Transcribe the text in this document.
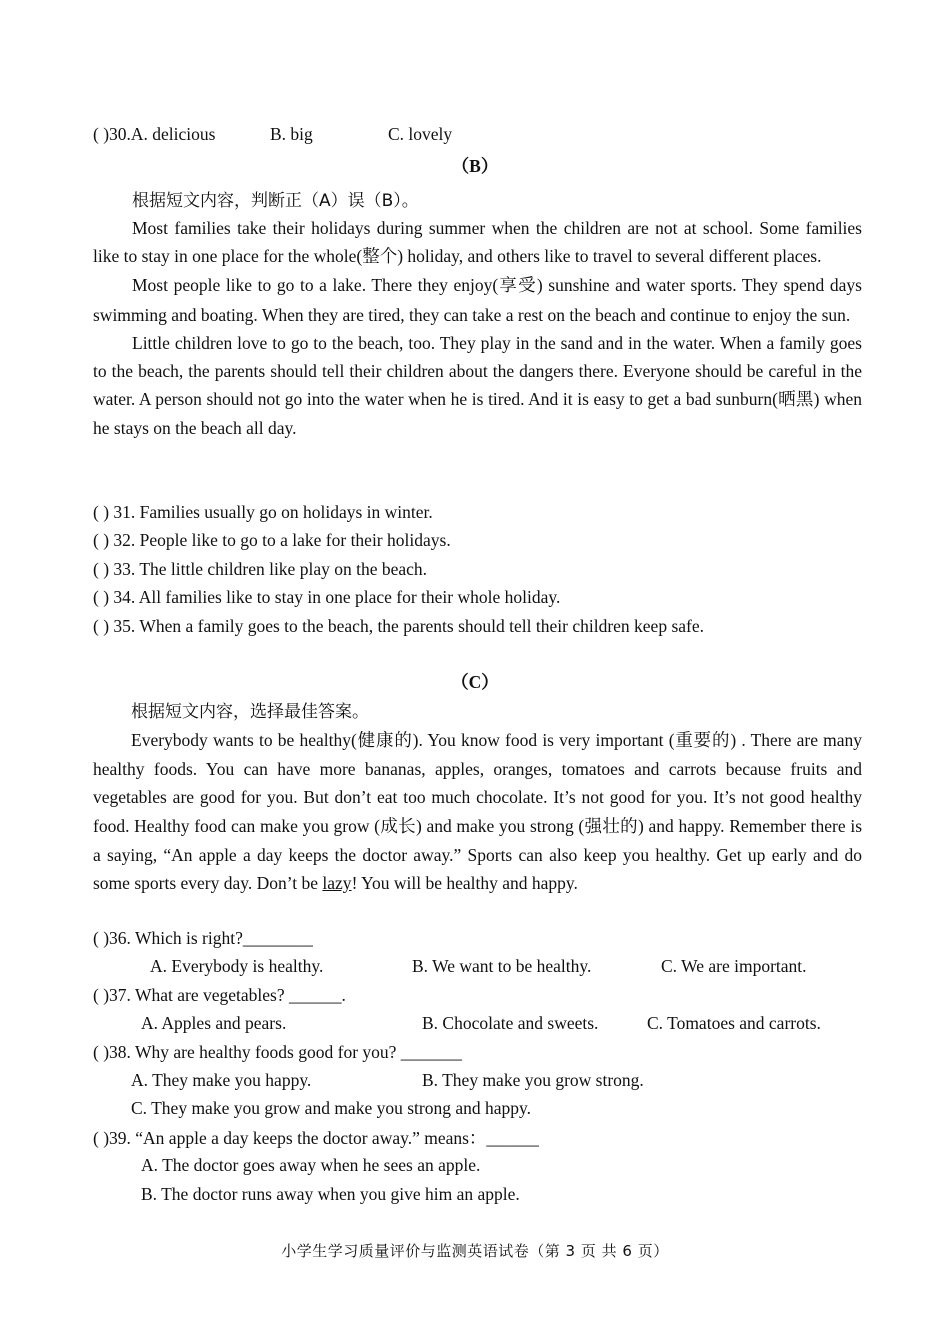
( )30.A. delicious	B. big	C. lovely
（B）
根据短文内容，判断正（A）误（B）。

Most families take their holidays during summer when the children are not at school. Some families like to stay in one place for the whole(整个) holiday, and others like to travel to several different places.

Most people like to go to a lake. There they enjoy(享受) sunshine and water sports. They spend days swimming and boating. When they are tired, they can take a rest on the beach and continue to enjoy the sun.

Little children love to go to the beach, too. They play in the sand and in the water. When a family goes to the beach, the parents should tell their children about the dangers there. Everyone should be careful in the water. A person should not go into the water when he is tired. And it is easy to get a bad sunburn(晒黑) when he stays on the beach all day.

( ) 31. Families usually go on holidays in winter.
( ) 32. People like to go to a lake for their holidays.
( ) 33. The little children like play on the beach.
( ) 34. All families like to stay in one place for their whole holiday.
( ) 35. When a family goes to the beach, the parents should tell their children keep safe.
（C）
根据短文内容，选择最佳答案。

Everybody wants to be healthy(健康的). You know food is very important (重要的) . There are many healthy foods. You can have more bananas, apples, oranges, tomatoes and carrots because fruits and vegetables are good for you. But don’t eat too much chocolate. It’s not good for you. It’s not good healthy food. Healthy food can make you grow (成长) and make you strong (强壮的) and happy. Remember there is a saying, “An apple a day keeps the doctor away.” Sports can also keep you healthy. Get up early and do some sports every day. Don’t be lazy! You will be healthy and happy.

( )36. Which is right?________
A. Everybody is healthy.	B. We want to be healthy.	C. We are important.
( )37. What are vegetables? ______.
A. Apples and pears.	B. Chocolate and sweets.	C. Tomatoes and carrots.
( )38. Why are healthy foods good for you? _______
A. They make you happy.	B. They make you grow strong.
C. They make you grow and make you strong and happy.
( )39. “An apple a day keeps the doctor away.” means：______
A. The doctor goes away when he sees an apple.
B. The doctor runs away when you give him an apple.
小学生学习质量评价与监测英语试卷（第 3 页 共 6 页）
